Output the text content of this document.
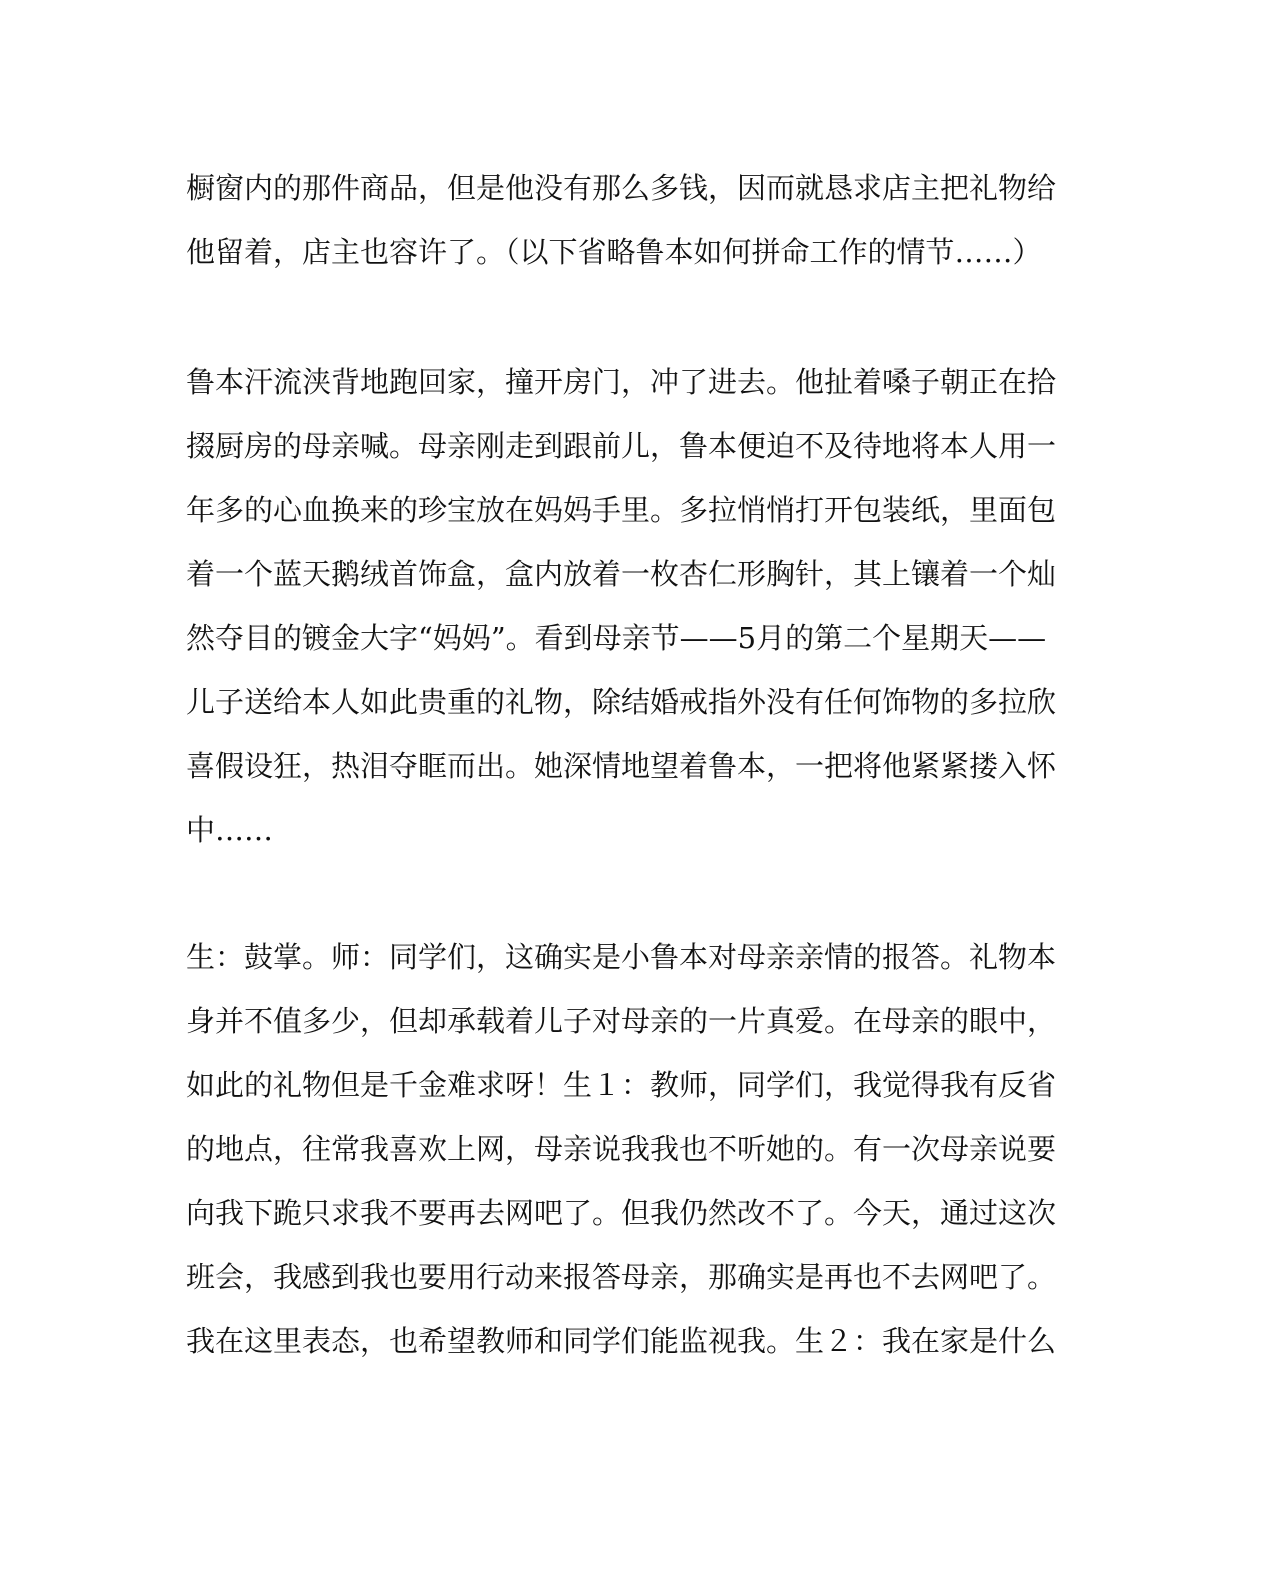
橱窗内的那件商品，但是他没有那么多钱，因而就恳求店主把礼物给
他留着，店主也容许了。（以下省略鲁本如何拼命工作的情节……）
鲁本汗流浃背地跑回家，撞开房门，冲了进去。他扯着嗓子朝正在拾
掇厨房的母亲喊。母亲刚走到跟前儿，鲁本便迫不及待地将本人用一
年多的心血换来的珍宝放在妈妈手里。多拉悄悄打开包装纸，里面包
着一个蓝天鹅绒首饰盒，盒内放着一枚杏仁形胸针，其上镶着一个灿
然夺目的镀金大字“妈妈”。看到母亲节——5月的第二个星期天——
儿子送给本人如此贵重的礼物，除结婚戒指外没有任何饰物的多拉欣
喜假设狂，热泪夺眶而出。她深情地望着鲁本，一把将他紧紧搂入怀
中……
生：鼓掌。师：同学们，这确实是小鲁本对母亲亲情的报答。礼物本
身并不值多少，但却承载着儿子对母亲的一片真爱。在母亲的眼中，
如此的礼物但是千金难求呀！生１：教师，同学们，我觉得我有反省
的地点，往常我喜欢上网，母亲说我我也不听她的。有一次母亲说要
向我下跪只求我不要再去网吧了。但我仍然改不了。今天，通过这次
班会，我感到我也要用行动来报答母亲，那确实是再也不去网吧了。
我在这里表态，也希望教师和同学们能监视我。生２：我在家是什么
